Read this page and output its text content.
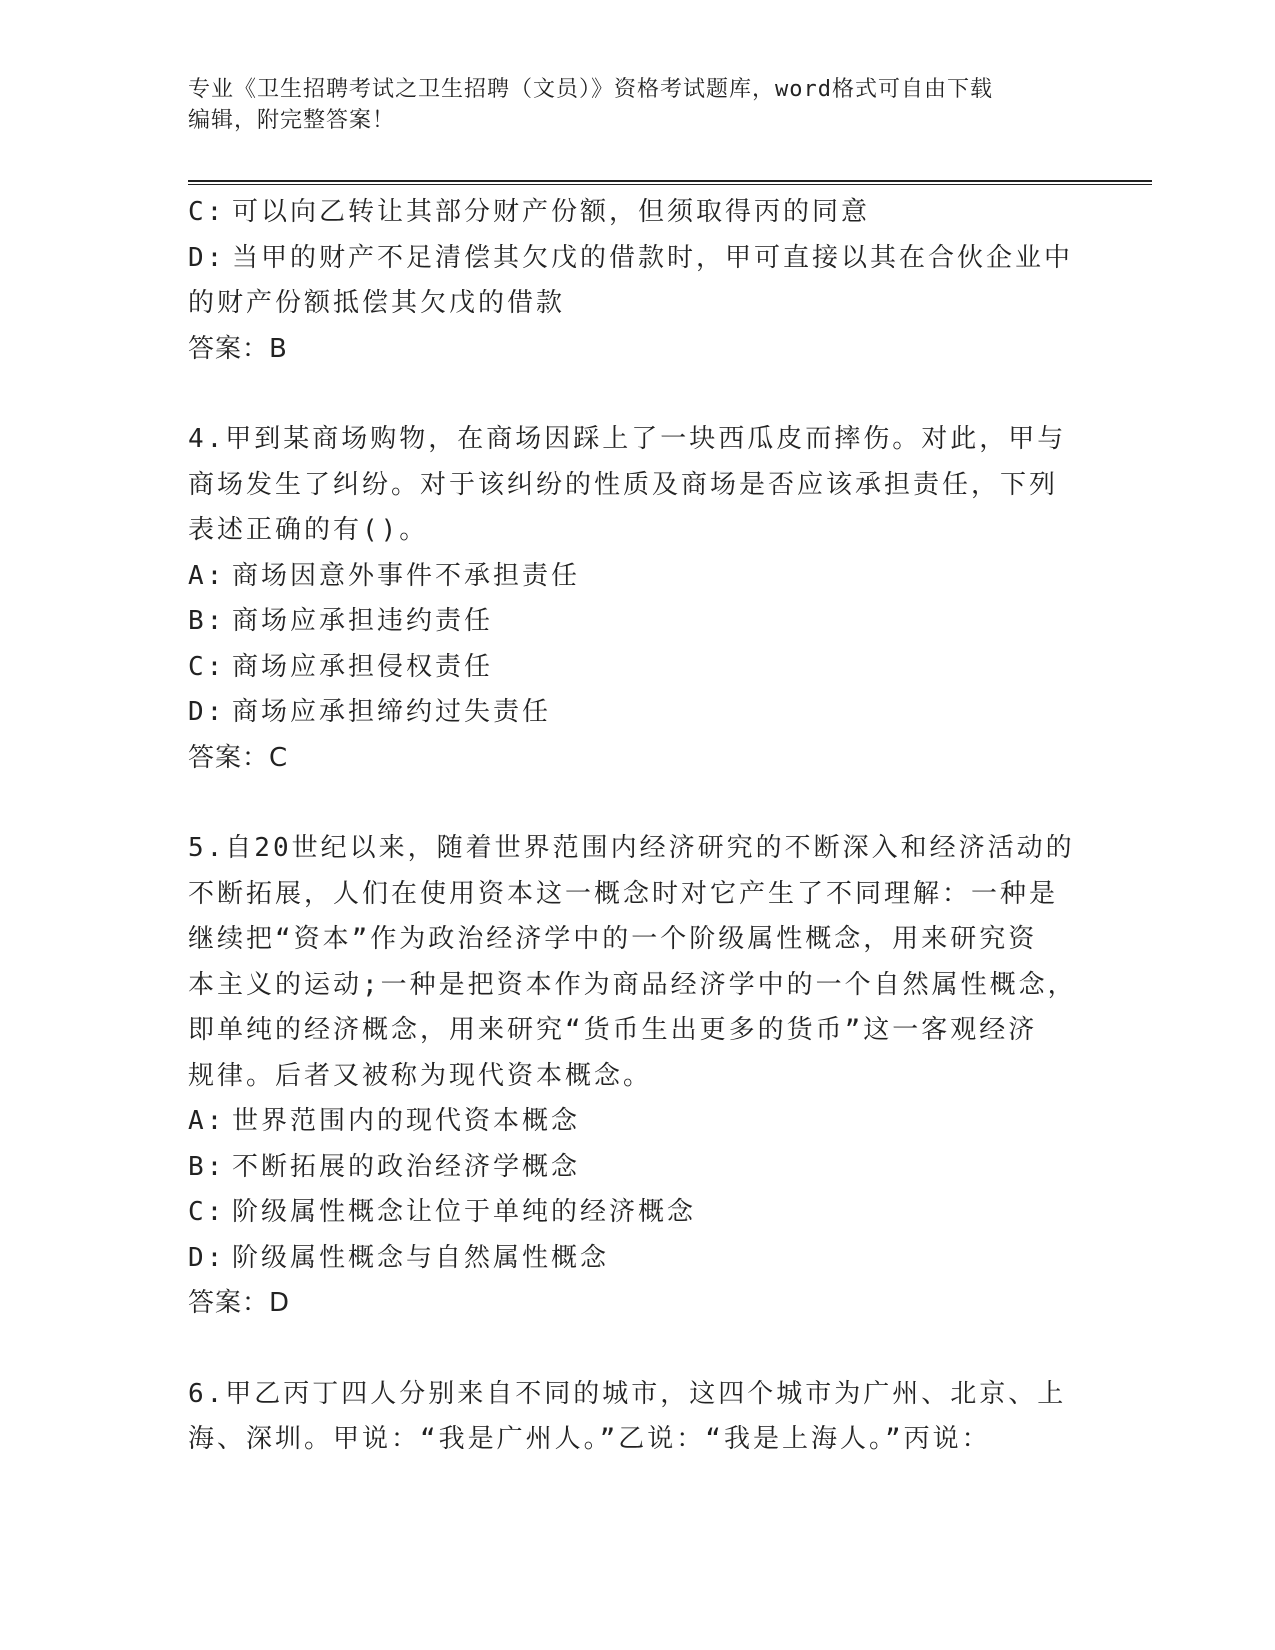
专业《卫生招聘考试之卫生招聘（文员）》资格考试题库，word格式可自由下载
编辑，附完整答案！
C: 可以向乙转让其部分财产份额，但须取得丙的同意
D: 当甲的财产不足清偿其欠戊的借款时，甲可直接以其在合伙企业中
的财产份额抵偿其欠戊的借款
答案：B
4.甲到某商场购物，在商场因踩上了一块西瓜皮而摔伤。对此，甲与
商场发生了纠纷。对于该纠纷的性质及商场是否应该承担责任，下列
表述正确的有()。
A: 商场因意外事件不承担责任
B: 商场应承担违约责任
C: 商场应承担侵权责任
D: 商场应承担缔约过失责任
答案：C
5.自20世纪以来，随着世界范围内经济研究的不断深入和经济活动的
不断拓展，人们在使用资本这一概念时对它产生了不同理解：一种是
继续把“资本”作为政治经济学中的一个阶级属性概念，用来研究资
本主义的运动;一种是把资本作为商品经济学中的一个自然属性概念，
即单纯的经济概念，用来研究“货币生出更多的货币”这一客观经济
规律。后者又被称为现代资本概念。
A: 世界范围内的现代资本概念
B: 不断拓展的政治经济学概念
C: 阶级属性概念让位于单纯的经济概念
D: 阶级属性概念与自然属性概念
答案：D
6.甲乙丙丁四人分别来自不同的城市，这四个城市为广州、北京、上
海、深圳。甲说：“我是广州人。”乙说：“我是上海人。”丙说：
